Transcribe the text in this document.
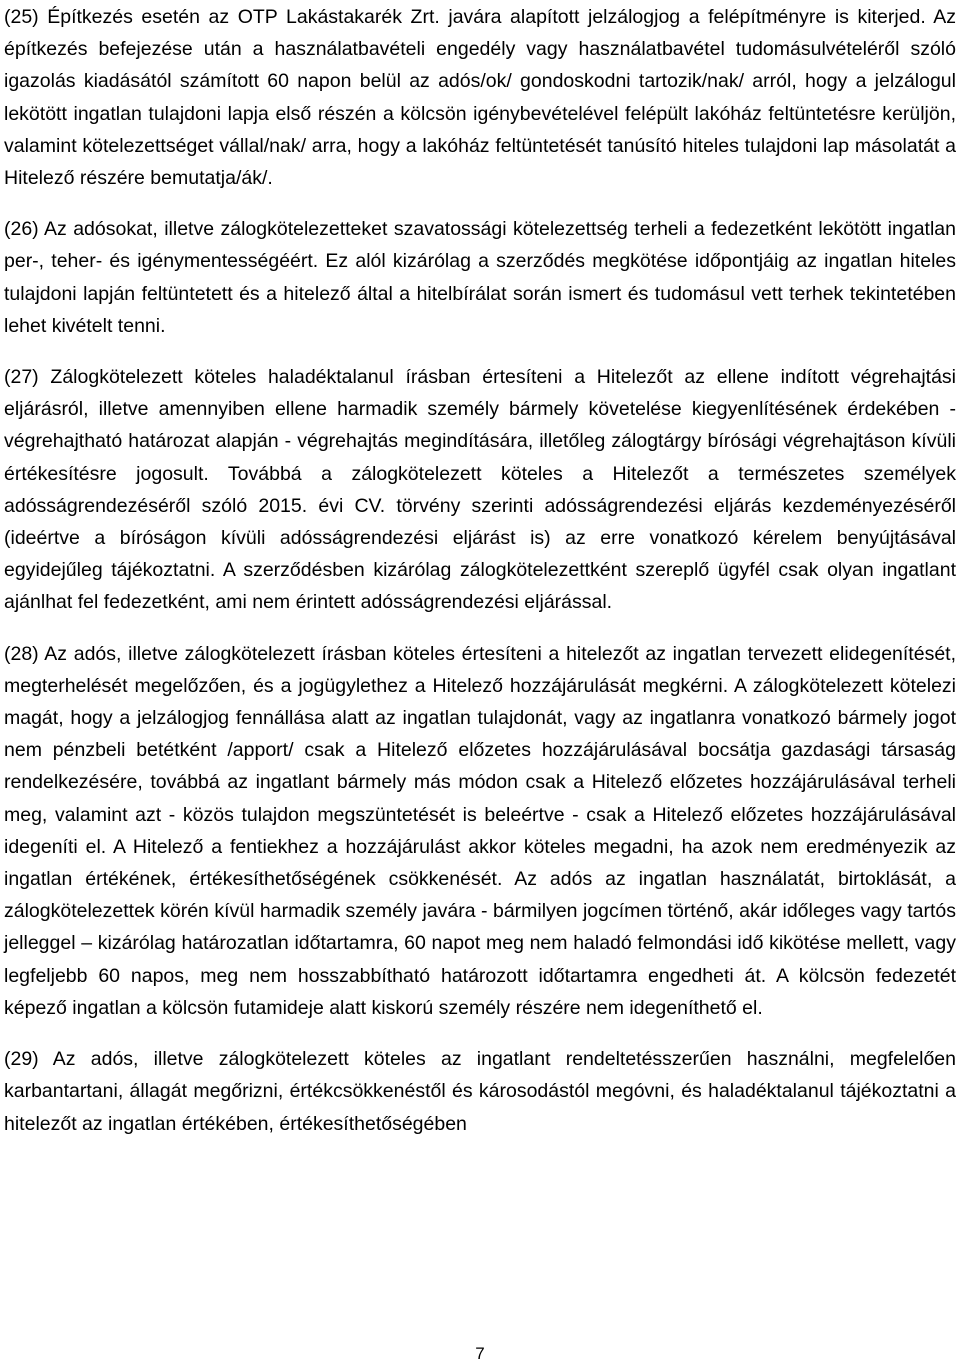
(25) Építkezés esetén az OTP Lakástakarék Zrt. javára alapított jelzálogjog a felépítményre is kiterjed. Az építkezés befejezése után a használatbavételi engedély vagy használatbavétel tudomásulvételéről szóló igazolás kiadásától számított 60 napon belül az adós/ok/ gondoskodni tartozik/nak/ arról, hogy a jelzálogul lekötött ingatlan tulajdoni lapja első részén a kölcsön igénybevételével felépült lakóház feltüntetésre kerüljön, valamint kötelezettséget vállal/nak/ arra, hogy a lakóház feltüntetését tanúsító hiteles tulajdoni lap másolatát a Hitelező részére bemutatja/ák/.

(26) Az adósokat, illetve zálogkötelezetteket szavatossági kötelezettség terheli a fedezetként lekötött ingatlan per-, teher- és igénymentességéért. Ez alól kizárólag a szerződés megkötése időpontjáig az ingatlan hiteles tulajdoni lapján feltüntetett és a hitelező által a hitelbírálat során ismert és tudomásul vett terhek tekintetében lehet kivételt tenni.

(27) Zálogkötelezett köteles haladéktalanul írásban értesíteni a Hitelezőt az ellene indított végrehajtási eljárásról, illetve amennyiben ellene harmadik személy bármely követelése kiegyenlítésének érdekében - végrehajtható határozat alapján - végrehajtás megindítására, illetőleg zálogtárgy bírósági végrehajtáson kívüli értékesítésre jogosult. Továbbá a zálogkötelezett köteles a Hitelezőt a természetes személyek adósságrendezéséről szóló 2015. évi CV. törvény szerinti adósságrendezési eljárás kezdeményezéséről (ideértve a bíróságon kívüli adósságrendezési eljárást is) az erre vonatkozó kérelem benyújtásával egyidejűleg tájékoztatni. A szerződésben kizárólag zálogkötelezettként szereplő ügyfél csak olyan ingatlant ajánlhat fel fedezetként, ami nem érintett adósságrendezési eljárással.

(28) Az adós, illetve zálogkötelezett írásban köteles értesíteni a hitelezőt az ingatlan tervezett elidegenítését, megterhelését megelőzően, és a jogügylethez a Hitelező hozzájárulását megkérni. A zálogkötelezett kötelezi magát, hogy a jelzálogjog fennállása alatt az ingatlan tulajdonát, vagy az ingatlanra vonatkozó bármely jogot nem pénzbeli betétként /apport/ csak a Hitelező előzetes hozzájárulásával bocsátja gazdasági társaság rendelkezésére, továbbá az ingatlant bármely más módon csak a Hitelező előzetes hozzájárulásával terheli meg, valamint azt - közös tulajdon megszüntetését is beleértve - csak a Hitelező előzetes hozzájárulásával idegeníti el. A Hitelező a fentiekhez a hozzájárulást akkor köteles megadni, ha azok nem eredményezik az ingatlan értékének, értékesíthetőségének csökkenését. Az adós az ingatlan használatát, birtoklását, a zálogkötelezettek körén kívül harmadik személy javára - bármilyen jogcímen történő, akár időleges vagy tartós jelleggel – kizárólag határozatlan időtartamra, 60 napot meg nem haladó felmondási idő kikötése mellett, vagy legfeljebb 60 napos, meg nem hosszabbítható határozott időtartamra engedheti át. A kölcsön fedezetét képező ingatlan a kölcsön futamideje alatt kiskorú személy részére nem idegeníthető el.

(29) Az adós, illetve zálogkötelezett köteles az ingatlant rendeltetésszerűen használni, megfelelően karbantartani, állagát megőrizni, értékcsökkenéstől és károsodástól megóvni, és haladéktalanul tájékoztatni a hitelezőt az ingatlan értékében, értékesíthetőségében

7
